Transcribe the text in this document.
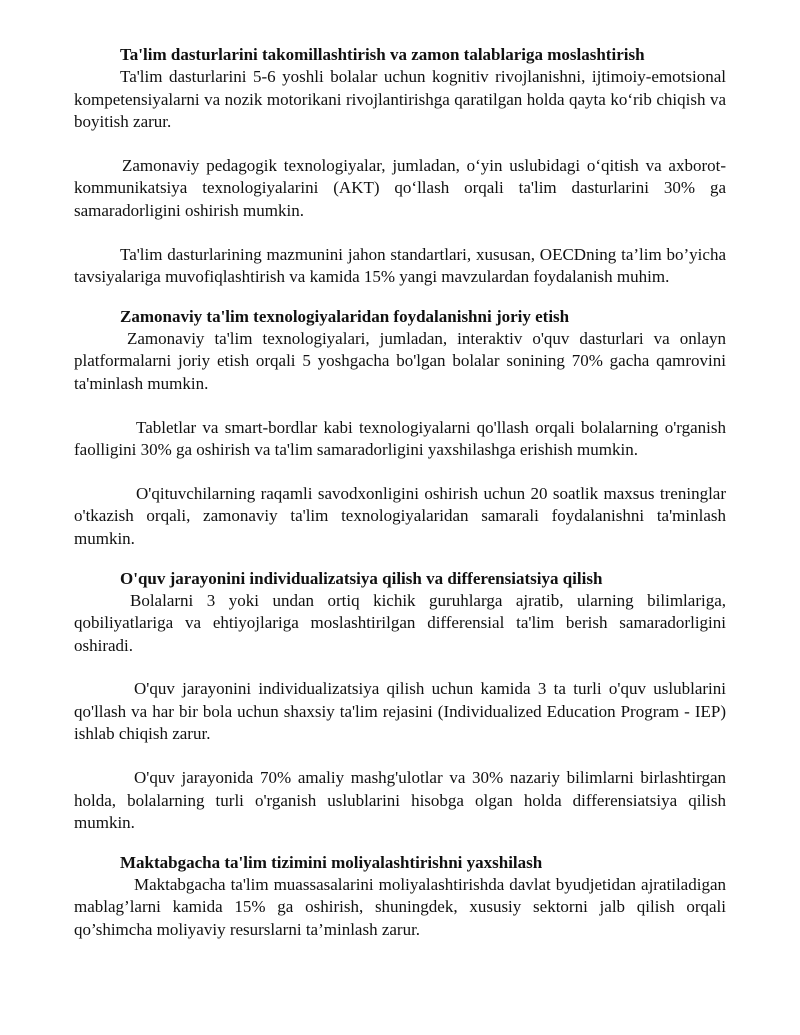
Ta'lim dasturlarini takomillashtirish va zamon talablariga moslashtirish

Ta'lim dasturlarini 5-6 yoshli bolalar uchun kognitiv rivojlanishni, ijtimoiy-emotsional kompetensiyalarni va nozik motorikani rivojlantirishga qaratilgan holda qayta ko‘rib chiqish va boyitish zarur.

Zamonaviy pedagogik texnologiyalar, jumladan, o‘yin uslubidagi o‘qitish va axborot-kommunikatsiya texnologiyalarini (AKT) qo‘llash orqali ta'lim dasturlarini 30% ga samaradorligini oshirish mumkin.

Ta'lim dasturlarining mazmunini jahon standartlari, xususan, OECDning ta’lim bo’yicha tavsiyalariga muvofiqlashtirish va kamida 15% yangi mavzulardan foydalanish muhim.

Zamonaviy ta'lim texnologiyalaridan foydalanishni joriy etish

Zamonaviy ta'lim texnologiyalari, jumladan, interaktiv o'quv dasturlari va onlayn platformalarni joriy etish orqali 5 yoshgacha bo'lgan bolalar sonining 70% gacha qamrovini ta'minlash mumkin.

Tabletlar va smart-bordlar kabi texnologiyalarni qo'llash orqali bolalarning o'rganish faolligini 30% ga oshirish va ta'lim samaradorligini yaxshilashga erishish mumkin.

O'qituvchilarning raqamli savodxonligini oshirish uchun 20 soatlik maxsus treninglar o'tkazish orqali, zamonaviy ta'lim texnologiyalaridan samarali foydalanishni ta'minlash mumkin.

O'quv jarayonini individualizatsiya qilish va differensiatsiya qilish

Bolalarni 3 yoki undan ortiq kichik guruhlarga ajratib, ularning bilimlariga, qobiliyatlariga va ehtiyojlariga moslashtirilgan differensial ta'lim berish samaradorligini oshiradi.

O'quv jarayonini individualizatsiya qilish uchun kamida 3 ta turli o'quv uslublarini qo'llash va har bir bola uchun shaxsiy ta'lim rejasini (Individualized Education Program - IEP) ishlab chiqish zarur.

O'quv jarayonida 70% amaliy mashg'ulotlar va 30% nazariy bilimlarni birlashtirgan holda, bolalarning turli o'rganish uslublarini hisobga olgan holda differensiatsiya qilish mumkin.

Maktabgacha ta'lim tizimini moliyalashtirishni yaxshilash

Maktabgacha ta'lim muassasalarini moliyalashtirishda davlat byudjetidan ajratiladigan mablag’larni kamida 15% ga oshirish, shuningdek, xususiy sektorni jalb qilish orqali qo’shimcha moliyaviy resurslarni ta’minlash zarur.
